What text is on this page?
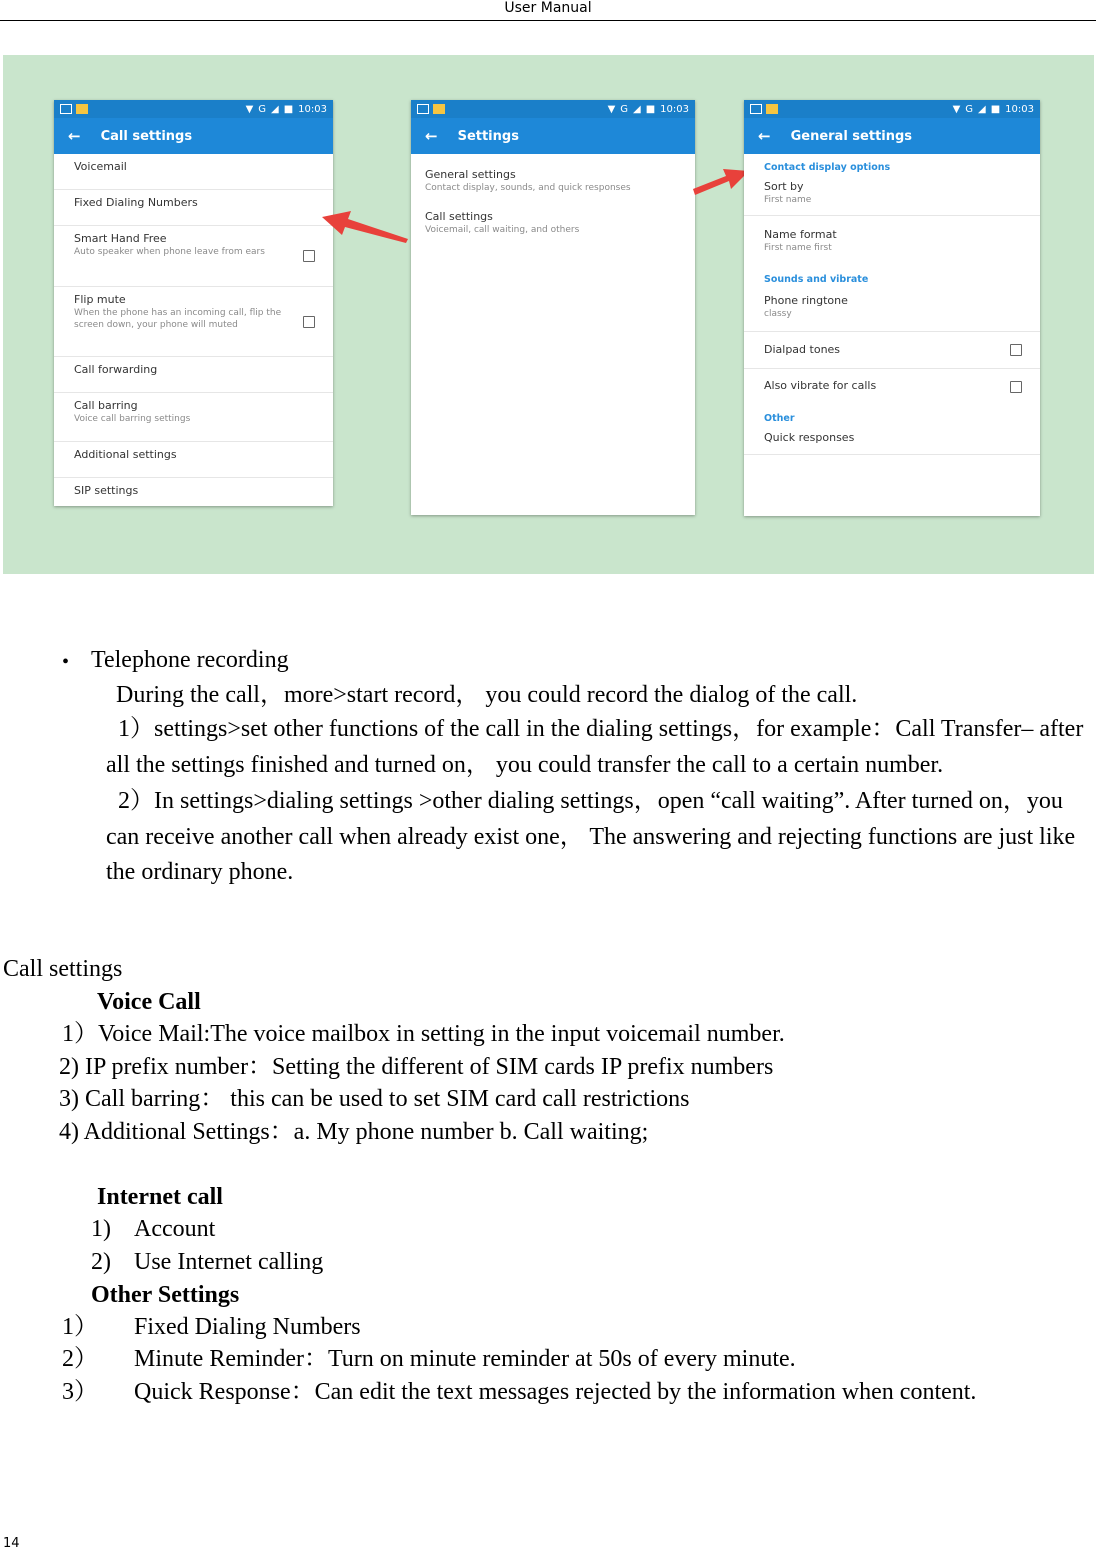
User Manual
▼ G ◢ ■ 10:03
← Call settings
Voicemail
Fixed Dialing Numbers
Smart Hand Free
Auto speaker when phone leave from ears
Flip mute
When the phone has an incoming call, flip the screen down, your phone will muted
Call forwarding
Call barring
Voice call barring settings
Additional settings
SIP settings
▼ G ◢ ■ 10:03
← Settings
General settings
Contact display, sounds, and quick responses
Call settings
Voicemail, call waiting, and others
▼ G ◢ ■ 10:03
← General settings
Contact display options
Sort by
First name
Name format
First name first
Sounds and vibrate
Phone ringtone
classy
Dialpad tones
Also vibrate for calls
Other
Quick responses
• Telephone recording
During the call，more>start record， you could record the dialog of the call.
1）settings>set other functions of the call in the dialing settings，for example：Call Transfer– after all the settings finished and turned on， you could transfer the call to a certain number.
2）In settings>dialing settings >other dialing settings，open “call waiting”. After turned on，you can receive another call when already exist one， The answering and rejecting functions are just like the ordinary phone.
Call settings
Voice Call
1）Voice Mail:The voice mailbox in setting in the input voicemail number.
2) IP prefix number：Setting the different of SIM cards IP prefix numbers
3) Call barring： this can be used to set SIM card call restrictions
4) Additional Settings：a. My phone number b. Call waiting;
Internet call
1) Account
2) Use Internet calling
Other Settings
1） Fixed Dialing Numbers
2） Minute Reminder：Turn on minute reminder at 50s of every minute.
3） Quick Response：Can edit the text messages rejected by the information when content.
14
